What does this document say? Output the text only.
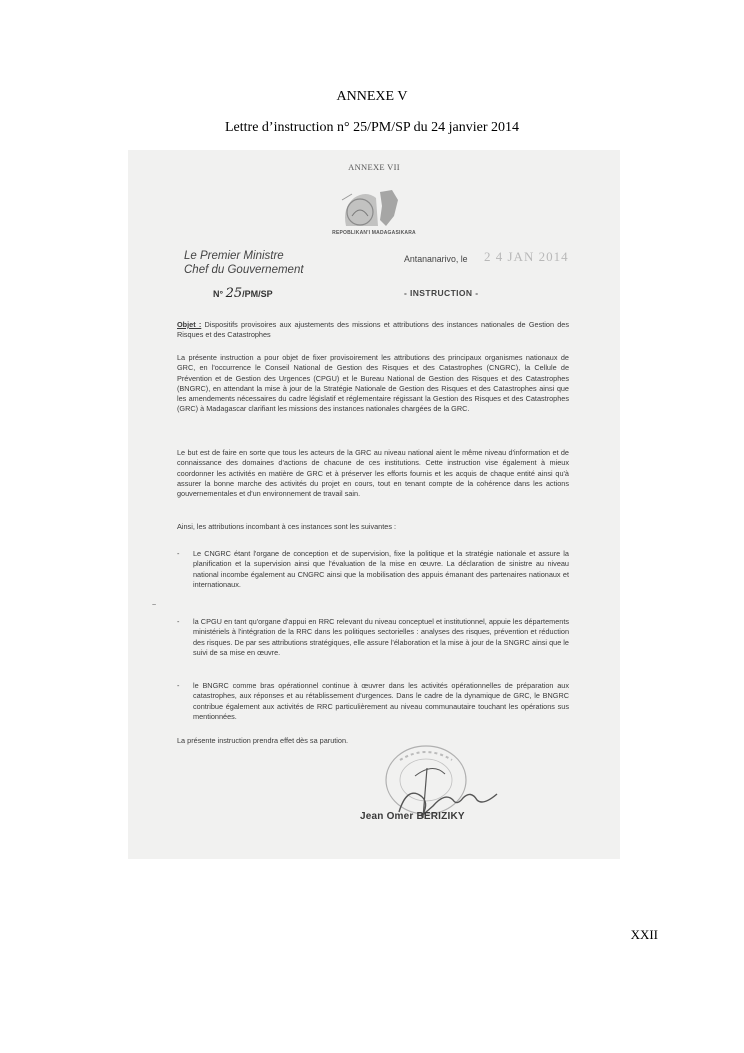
ANNEXE V
Lettre d’instruction n° 25/PM/SP du 24 janvier 2014
ANNEXE VII
REPOBLIKAN'I MADAGASIKARA
Le Premier Ministre
Chef du Gouvernement
Antananarivo, le 2 4 JAN 2014
N° 25/PM/SP	- INSTRUCTION -
Objet : Dispositifs provisoires aux ajustements des missions et attributions des instances nationales de Gestion des Risques et des Catastrophes
La présente instruction a pour objet de fixer provisoirement les attributions des principaux organismes nationaux de GRC, en l'occurrence le Conseil National de Gestion des Risques et des Catastrophes (CNGRC), la Cellule de Prévention et de Gestion des Urgences (CPGU) et le Bureau National de Gestion des Risques et des Catastrophes (BNGRC), en attendant la mise à jour de la Stratégie Nationale de Gestion des Risques et des Catastrophes ainsi que les amendements nécessaires du cadre législatif et réglementaire régissant la Gestion des Risques et des Catastrophes (GRC) à Madagascar clarifiant les missions des instances nationales chargées de la GRC.
Le but est de faire en sorte que tous les acteurs de la GRC au niveau national aient le même niveau d'information et de connaissance des domaines d'actions de chacune de ces institutions. Cette instruction vise également à mieux coordonner les activités en matière de GRC et à préserver les efforts fournis et les acquis de chaque entité ainsi qu'à assurer la bonne marche des activités du projet en cours, tout en tenant compte de la cohérence dans les actions gouvernementales et d'un environnement de travail sain.
Ainsi, les attributions incombant à ces instances sont les suivantes :
- Le CNGRC étant l'organe de conception et de supervision, fixe la politique et la stratégie nationale et assure la planification et la supervision ainsi que l'évaluation de la mise en œuvre. La déclaration de sinistre au niveau national incombe également au CNGRC ainsi que la mobilisation des appuis émanant des partenaires nationaux et internationaux.
- la CPGU en tant qu'organe d'appui en RRC relevant du niveau conceptuel et institutionnel, appuie les départements ministériels à l'intégration de la RRC dans les politiques sectorielles : analyses des risques, prévention et réduction des risques. De par ses attributions stratégiques, elle assure l'élaboration et la mise à jour de la SNGRC ainsi que le suivi de sa mise en œuvre.
- le BNGRC comme bras opérationnel continue à œuvrer dans les activités opérationnelles de préparation aux catastrophes, aux réponses et au rétablissement d'urgences. Dans le cadre de la dynamique de GRC, le BNGRC contribue également aux activités de RRC particulièrement au niveau communautaire touchant les opérations sus mentionnées.
~
La présente instruction prendra effet dès sa parution.
Jean Omer BERIZIKY
XXII
